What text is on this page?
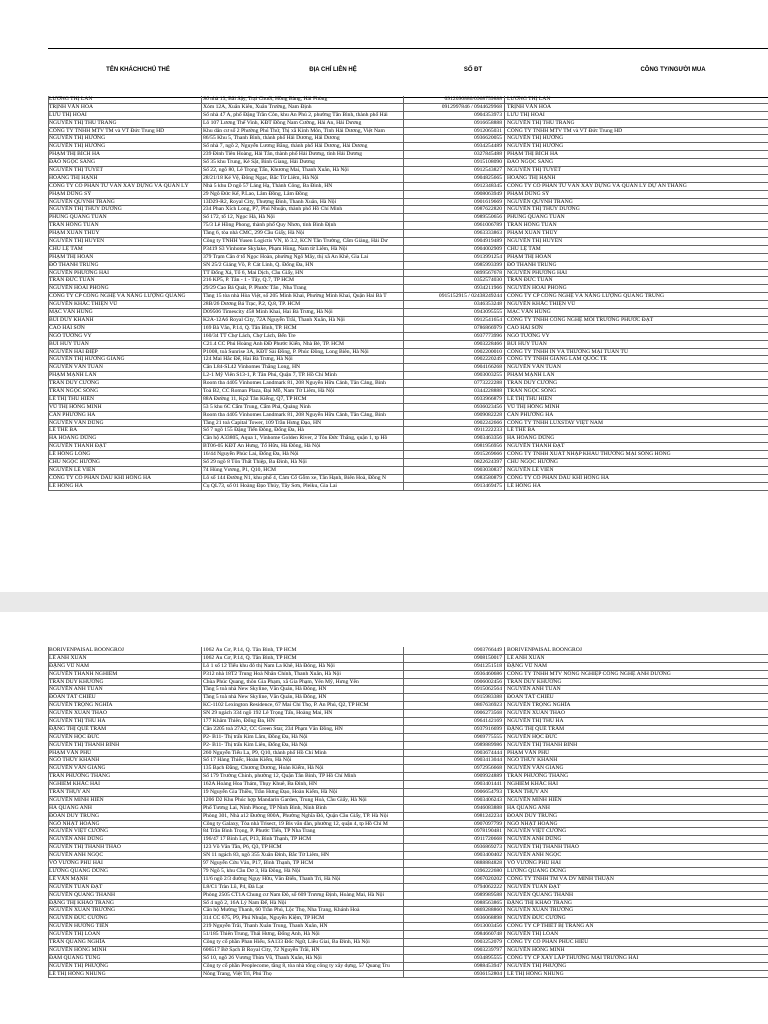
TÊN KHÁCH/CHỦ THẺ	ĐỊA CHỈ LIÊN HỆ	SỐ ĐT	CÔNG TY/NGƯỜI MUA
LƯƠNG THỊ LAN	Số nhà 13, Bãi Sậy, Trại Chuối, Hồng Bàng, Hải Phòng	0912096886/0968759888 LƯƠNG THỊ LAN
TRỊNH VĂN HOÀ	Xóm 12A, Xuân Kiên, Xuân Trường, Nam Định	0912997846 / 0944629968 TRỊNH VĂN HOÀ
LƯU THỊ HOÀI	Số nhà 47 A, phố Đặng Trần Côn, khu An Phú 2, phường Tân Bình, thành phố Hải	0904353973 LƯU THỊ HOÀI
NGUYỄN THỊ THU TRANG	Lô 107 Lương Thế Vinh, KĐT Đồng Nam Cường, Hải An, Hải Dương	0916658888 NGUYỄN THỊ THU TRANG
CÔNG TY TNHH MTV TM và VT Đức Trung HD	Khu dân cư số 2 Phường Phú Thứ, Thị xã Kinh Môn, Tỉnh Hải Dương, Việt Nam	0912065031 CÔNG TY TNHH MTV TM và VT Đức Trung HD
NGUYỄN THỊ HƯỜNG	86/55 Khu 5, Thanh Bình, thành phố Hải Dương, Hải Dương	0936620055 NGUYỄN THỊ HƯỜNG
NGUYỄN THỊ HƯỜNG	Số nhà 7, ngõ 2, Nguyễn Lương Bằng, thành phố Hải Dương, Hải Dương	0934254489 NGUYỄN THỊ HƯỜNG
PHẠM THỊ BÍCH HÀ	239 Đinh Tiên Hoàng, Hải Tân, thành phố Hải Dương, tỉnh Hải Dương	0327845488 PHẠM THỊ BÍCH HÀ
ĐÀO NGỌC SÁNG	Số 35 khu Trung, Kẻ Sặt, Bình Giang, Hải Dương	0915108090 ĐÀO NGỌC SÁNG
NGUYỄN THỊ TUYẾT	Số 22, ngõ 80, Lê Trọng Tấn, Khương Mai, Thanh Xuân, Hà Nội	0912543827 NGUYỄN THỊ TUYẾT
HOÀNG THỊ HẠNH	28/21/18 Ké Vệ, Đông Ngạc, Bắc Từ Liêm, Hà Nội	0904825665 HOÀNG THỊ HẠNH
CÔNG TY CỔ PHẦN TƯ VẤN XÂY DỰNG VÀ QUẢN LÝ	Nhà 5 khu D ngõ 57 Láng Hạ, Thành Công, Ba Đình, HN	0912348345 CÔNG TY CỔ PHẦN TƯ VẤN XÂY DỰNG VÀ QUẢN LÝ DỰ ÁN THĂNG
PHẠM DŨNG SỸ	29 Ngô Đức Kế, P.Lao, Lâm Đồng, Lâm Đồng	0908063949 PHẠM DŨNG SỸ
NGUYỄN QUỲNH TRANG	13D29-R2, Royal City, Thượng Đình, Thanh Xuân, Hà Nội	0901619669 NGUYỄN QUỲNH TRANG
NGUYỄN THỊ THÙY DƯƠNG	234 Phan Xích Long, P7, Phú Nhuận, thành phố Hồ Chí Minh	0987622820 NGUYỄN THỊ THÙY DƯƠNG
PHÙNG QUANG TUẤN	Số 172, tổ 12, Ngọc Hà, Hà Nội	0989550656 PHÙNG QUANG TUẤN
TRẦN HỒNG TUẤN	75/3 Lê Hồng Phong, thành phố Quy Nhơn, tỉnh Bình Định	0961006789 TRẦN HỒNG TUẤN
PHẠM XUÂN THỦY	Tầng 6, tòa nhà CMC, 299 Cầu Giấy, Hà Nội	0963333863 PHẠM XUÂN THỦY
NGUYỄN THỊ HUYỀN	Công ty TNHH Yusen Logictis VN, lô 3.2, KCN Tân Trường, Cẩm Giàng, Hải Dư	0904919489 NGUYỄN THỊ HUYỀN
CHU LỆ TÂM	P3419 S3 Vinhome Skylake, Phạm Hùng, Nam từ Liêm, Hà Nội	0904002909 CHU LỆ TÂM
PHẠM THỊ HOÀN	379 Trạm Cân ở tổ Ngọc Hoàn, phường Ngô Mây, thị xã An Khê, Gia Lai	0913991254 PHẠM THỊ HOÀN
ĐỖ THANH TRUNG	SN 25/2 Giáng Võ, P. Cát Linh, Q. Đống Đa, HN	0985993399 ĐỖ THANH TRUNG
NGUYỄN PHƯƠNG HẢI	TT Đống Xá, Tổ 6, Mai Dịch, Cầu Giấy, HN	0899567678 NGUYỄN PHƯƠNG HẢI
TRẦN ĐỨC TUẤN	216 KP5, P. Tân - 1 - Tây, Q.7, TP HCM	0352574030 TRẦN ĐỨC TUẤN
NGUYỄN HOÀI PHONG	29/29 Cao Bá Quát, P. Phước Tân , Nha Trang	0934211966 NGUYỄN HOÀI PHONG
CÔNG TY CP CÔNG NGHỆ VÀ NĂNG LƯỢNG QUANG	Tầng 15 tòa nhà Hòa Việt, số 205 Minh Khai, Phường Minh Khai, Quận Hai Bà T	0915152915 / 02438249244 CÔNG TY CP CÔNG NGHỆ VÀ NĂNG LƯỢNG QUANG TRUNG
NGUYỄN KHẮC THIỆN VŨ	28B/26 Dương Bá Trạc, P.2, Q.8, TP. HCM	0346353248 NGUYỄN KHẮC THIỆN VŨ
MẠC VĂN HÙNG	D09506 Timescity 458 Minh Khai, Hai Bà Trưng, Hà Nội	0943095555 MẠC VĂN HÙNG
BÙI DUY KHÁNH	K2A-12A6 Royal City, 72A Nguyễn Trãi, Thanh Xuân, Hà Nội	0912541654 CÔNG TY TNHH CÔNG NGHỆ MÔI TRƯỜNG PHƯỚC ĐẠT
CAO HẢI SƠN	169 Bà Vân, P.14, Q. Tân Bình, TP. HCM	0786866979 CAO HẢI SƠN
NGÔ TƯỜNG VY	160/34 TT Chợ Lách, Chợ Lách, Bến Tre	0937773996 NGÔ TƯỜNG VY
BÙI HUY TUẤN	C21.4 CC Phú Hoàng Anh ĐĐ Phước Kiển, Nhà Bè, TP. HCM	0903228466 BÙI HUY TUẤN
NGUYỄN HẢI ĐIỆP	P1008, toà Sunrise 3A, KĐT Sài Đồng, P. Phúc Đồng, Long Biên, Hà Nội	0902200010 CÔNG TY TNHH IN VÀ THƯƠNG MẠI TUẤN TÚ
NGUYỄN THỊ HƯƠNG GIANG	124 Mai Hắc Đế, Hai Bà Trưng, Hà Nội	0902220249 CÔNG TY TNHH GIANG LAM QUỐC TẾ
NGUYỄN VĂN TUẤN	Căn L84-SL42 Vinhomes Thăng Long, HN	0904166268 NGUYỄN VĂN TUẤN
PHẠM MẠNH LÂN	L2-1 Mỹ Viên S13-1, P. Tân Phú, Quận 7, TP. Hồ Chí Minh	0903003255 PHẠM MẠNH LÂN
TRẦN DUY CƯƠNG	Room tba 4405 Vinhomes Landmark 81, 208 Nguyễn Hữu Cảnh, Tân Cảng, Bình	0773222288 TRẦN DUY CƯƠNG
TRẦN NGỌC SÔNG	Toà B2, CC Roman Plaza, Đại Mỗ, Nam Từ Liêm, Hà Nội	0344228888 TRẦN NGỌC SÔNG
LÊ THỊ THU HIỀN	88A Đường 11, Kp2 Tân Kiểng, Q7, TP HCM	0933966879 LÊ THỊ THU HIỀN
VŨ THỊ HỒNG MINH	53 5 khu 6C Cẩm Trung, Cẩm Phả, Quảng Ninh	0936023456 VŨ THỊ HỒNG MINH
CẦN PHƯƠNG HÀ	Room tba 4405 Vinhomes Landmark 81, 208 Nguyễn Hữu Cảnh, Tân Cảng, Bình	0909082228 CẦN PHƯƠNG HÀ
NGUYỄN VĂN DŨNG	Tầng 21 toà Capital Tower, 109 Trần Hưng Đạo, HN	0902242666 CÔNG TY TNHH LUXSTAY VIỆT NAM
LÊ THẾ BA	Số 7 ngõ 155 Đặng Tiến Đông, Đống Đa, Hà	0911222233 LÊ THẾ BA
HÀ HOÀNG DŨNG	Căn hộ A33805, Aqua 1, Vinhome Golden River, 2 Tôn Đức Thắng, quận 1, tp Hồ	0903463356 HÀ HOÀNG DŨNG
NGUYỄN THANH ĐẠT	BT06-05 KĐT An Hưng, Tố Hữu, Hà Đông, Hà Nội	0981956956 NGUYỄN THANH ĐẠT
LÊ HỒNG LONG	16/44 Nguyễn Phúc Lai, Đống Đa, Hà Nội	0915269666 CÔNG TY TNHH XUẤT NHẬP KHẨU THƯƠNG MẠI SÔNG HỒNG
CHU NGỌC HƯỚNG	Số 29 ngõ 8 Tôn Thất Thiệp, Ba Đình, Hà Nội	0822624397 CHU NGỌC HƯỚNG
NGUYỄN LÊ VIÊN	74 Hùng Vương, P1, Q10, HCM	0903030837 NGUYỄN LÊ VIÊN
CÔNG TY CỔ PHẦN DẦU KHÍ HỒNG HÀ	Lô số 144 Đường N1, khu phố 4, Cảm Cổ Gỗm xe, Tân Hạnh, Biên Hoà, Đồng N	0983580879 CÔNG TY CỔ PHẦN DẦU KHÍ HỒNG HÀ
LÊ HỒNG HÀ	Cụ QL73, số 01 Hoàng Đạo Thúy, Tây Sơn, Pleiku, Gia Lai	0913469475 LÊ HỒNG HÀ
BORIVENPAISAL BOONGROJ	1062 Âu Cơ, P.14, Q. Tân Bình, TP HCM	0903766449 BORIVENPAISAL BOONGROJ
LÊ ANH XUÂN	1062 Âu Cơ, P.14, Q. Tân Bình, TP HCM	0908150017 LÊ ANH XUÂN
ĐẶNG VŨ NAM	Lô 1 số 12 Tiểu khu đô thị Nam La Khê, Hà Đông, Hà Nội	0941251518 ĐẶNG VŨ NAM
NGUYỄN THANH NGHIÊM	P312 nhà 18T2 Trung Hoà Nhân Chính, Thanh Xuân, Hà Nội	0936460686 CÔNG TY TNHH MTV NÔNG NGHIỆP CÔNG NGHỆ ÁNH DƯƠNG
TRẦN DUY KHƯƠNG	Chùa Phúc Quang, thôn Gia Phạm, xã Gia Phạm, Yên Mỹ, Hưng Yên	0906002456 TRẦN DUY KHƯƠNG
NGUYỄN ANH TUẤN	Tầng 5 toà nhà New Skyline, Văn Quán, Hà Đông, HN	0915062564 NGUYỄN ANH TUẤN
ĐOÀN TẤT CHIẾU	Tầng 5 toà nhà New Skyline, Văn Quán, Hà Đông, HN	0915983388 ĐOÀN TẤT CHIẾU
NGUYỄN TRỌNG NGHĨA	KC-1102 Lexington Residence, 67 Mai Chí Thọ, P. An Phú, Q2, TP HCM	0867636923 NGUYỄN TRỌNG NGHĨA
NGUYỄN XUÂN THAO	SN 29 ngách 334 ngõ 192 Lê Trọng Tấn, Hoàng Mai, HN	0906273568 NGUYỄN XUÂN THAO
NGUYỄN THỊ THU HÀ	177 Khâm Thiên, Đống Đa, HN	0964142169 NGUYỄN THỊ THU HÀ
ĐẶNG THỊ QUẾ TRÂM	Căn 2205 toà 27A2, CC Green Star, 234 Phạm Văn Đồng, HN	0937916699 ĐẶNG THỊ QUẾ TRÂM
NGUYỄN HỌC ĐỨC	P2- B11- Thị trấn Kim Lâm, Đồng Đa, Hà Nội	0969775555 NGUYỄN HỌC ĐỨC
NGUYỄN THỊ THANH BÌNH	P2- B11- Thị trấn Kim Liên, Đống Đa, Hà Nội	0989889986 NGUYỄN THỊ THANH BÌNH
PHẠM VĂN PHÚ	260 Nguyễn Tiểu La, P9, Q10, thành phố Hồ Chí Minh	0903674444 PHẠM VĂN PHÚ
NGÔ THỦY KHÁNH	Số 17 Hàng Thiếc, Hoàn Kiếm, Hà Nội	0903413044 NGÔ THỦY KHÁNH
NGUYỄN VĂN GIANG	135 Bạch Đằng, Chương Dương, Hoàn Kiếm, Hà Nội	0972956668 NGUYỄN VĂN GIANG
TRẦN PHƯƠNG THẢNG	Số 179 Trường Chinh, phường 12, Quận Tân Bình, TP Hồ Chí Minh	0909924889 TRẦN PHƯƠNG THẢNG
NGHIÊM KHẮC HẢI	162A Hoàng Hoa Thám, Thụy Khuê, Ba Đình, HN	0903401441 NGHIÊM KHẮC HẢI
TRẦN THỤY AN	19 Nguyễn Gia Thiều, Trần Hưng Đạo, Hoàn Kiếm, Hà Nội	0906654793 TRẦN THỤY AN
NGUYỄN MINH HIỀN	1206 D2 Khu Phúc hợp Mandarin Garden, Trung Hoà, Cầu Giấy, Hà Nội	0903406243 NGUYỄN MINH HIỀN
HÀ QUANG ANH	Phố Tương Lai, Ninh Phong, TP Ninh Bình, Ninh Bình	0946083888 HÀ QUANG ANH
ĐOÀN DUY TRUNG	Phòng 301, Nhà a12 Đường 800A, Phường Nghĩa Đô, Quận Cầu Giấy, TP. Hà Nội	0981242234 ĐOÀN DUY TRUNG
NGÔ NHẬT HOÀNG	Công ty Galaxy, Tòa nhà Trisect, 19 Bis văn đàn, phường 12, quận 4, tp Hồ Chí M	0907097799 NGÔ NHẬT HOÀNG
NGUYỄN VIỆT CƯỜNG	84 Trần Bình Trọng, P. Phước Tiến, TP Nha Trang	0978190481 NGUYỄN VIỆT CƯỜNG
NGUYỄN ANH DŨNG	196/47 17 Bình Lợi, P13, Bình Thạnh, TP HCM	0911720668 NGUYỄN ANH DŨNG
NGUYỄN THỊ THANH THẢO	123 Võ Văn Tần, P6, Q3, TP HCM	0936869273 NGUYỄN THỊ THANH THẢO
NGUYỄN ANH NGỌC	SN 11 ngách 83, ngõ 355 Xuân Đỉnh, Bắc Từ Liêm, HN	0903400402 NGUYỄN ANH NGỌC
VÕ VƯƠNG PHÚ HẢI	97 Nguyễn Cửu Vân, P17, Bình Thạnh, TP HCM	0888884828 VÕ VƯƠNG PHÚ HẢI
LƯƠNG QUANG DŨNG	79 Ngõ 5, khu Cầu Dơ 3, Hà Đông, Hà Nội	0396222680 LƯƠNG QUANG DŨNG
LÊ VĂN MẠNH	11/6 ngõ 2/3 đường Ngụy Hữu, Văn Điển, Thanh Trì, Hà Nội	0967020202 CÔNG TY TNHH TM VÀ DV MINH THUẬN
NGUYỄN TUẤN ĐẠT	L8/C1 Tràn Lũ, P4, Đà Lạt	0794062222 NGUYỄN TUẤN ĐẠT
NGUYỄN QUANG THÀNH	Phòng 2505 CT1A Chung cư Nam Đô, số 609 Trương Định, Hoàng Mai, Hà Nội	0989989588 NGUYỄN QUANG THÀNH
ĐẶNG THỊ KHÁO TRANG	Số 4 ngõ 2, 16A Lý Nam Đế, Hà Nội	0988563865 ĐẶNG THỊ KHÁO TRANG
NGUYỄN XUÂN TRƯỜNG	Căn hộ Mường Thanh, 60 Trần Phú, Lộc Thọ, Nha Trang, Khánh Hoà	0869288860 NGUYỄN XUÂN TRƯỜNG
NGUYỄN ĐỨC CƯỜNG	314 CC 675, P9, Phú Nhuận, Nguyễn Kiệm, TP HCM	0936068898 NGUYỄN ĐỨC CƯỜNG
NGUYỄN HƯƠNG TIÊN	219 Nguyễn Trãi, Thanh Xuân Trung, Thanh Xuân, HN	0913003456 CÔNG TY CP THIẾT BỊ TRÀNG AN
NGUYỄN THỊ LOAN	51/185 Thiên Trung, Thái Hưng, Đống Anh, Hà Nội	0984660748 NGUYỄN THỊ LOAN
TRẦN QUANG NGHĨA	Công ty cổ phần Phan Hiếu, SA133 Đốc Ngữ, Liễu Giai, Ba Đình, Hà Nội	0903252079 CÔNG TY CỔ PHẦN PHÚC HIẾU
NGUYỄN HỒNG MINH	606517 Bờ Sạch B Royal City, 72 Nguyễn Trãi, HN	0903239797 NGUYỄN HỒNG MINH
ĐÀM QUANG TÙNG	Số 10, ngõ 26 Vương Thừa Vũ, Thanh Xuân, Hà Nội	0934895555 CÔNG TY CP XÂY LẮP THƯƠNG MẠI TRƯỜNG HẢI
NGUYỄN THỊ PHƯỢNG	Công ty cổ phần Peoplecome, tầng 8, tòa nhà tổng công ty xây dựng, 57 Quang Tru	0988453947 NGUYỄN THỊ PHƯỢNG
LÊ THỊ HỒNG NHUNG	Nông Trang, Việt Trì, Phú Thọ	0936152804 LÊ THỊ HỒNG NHUNG
